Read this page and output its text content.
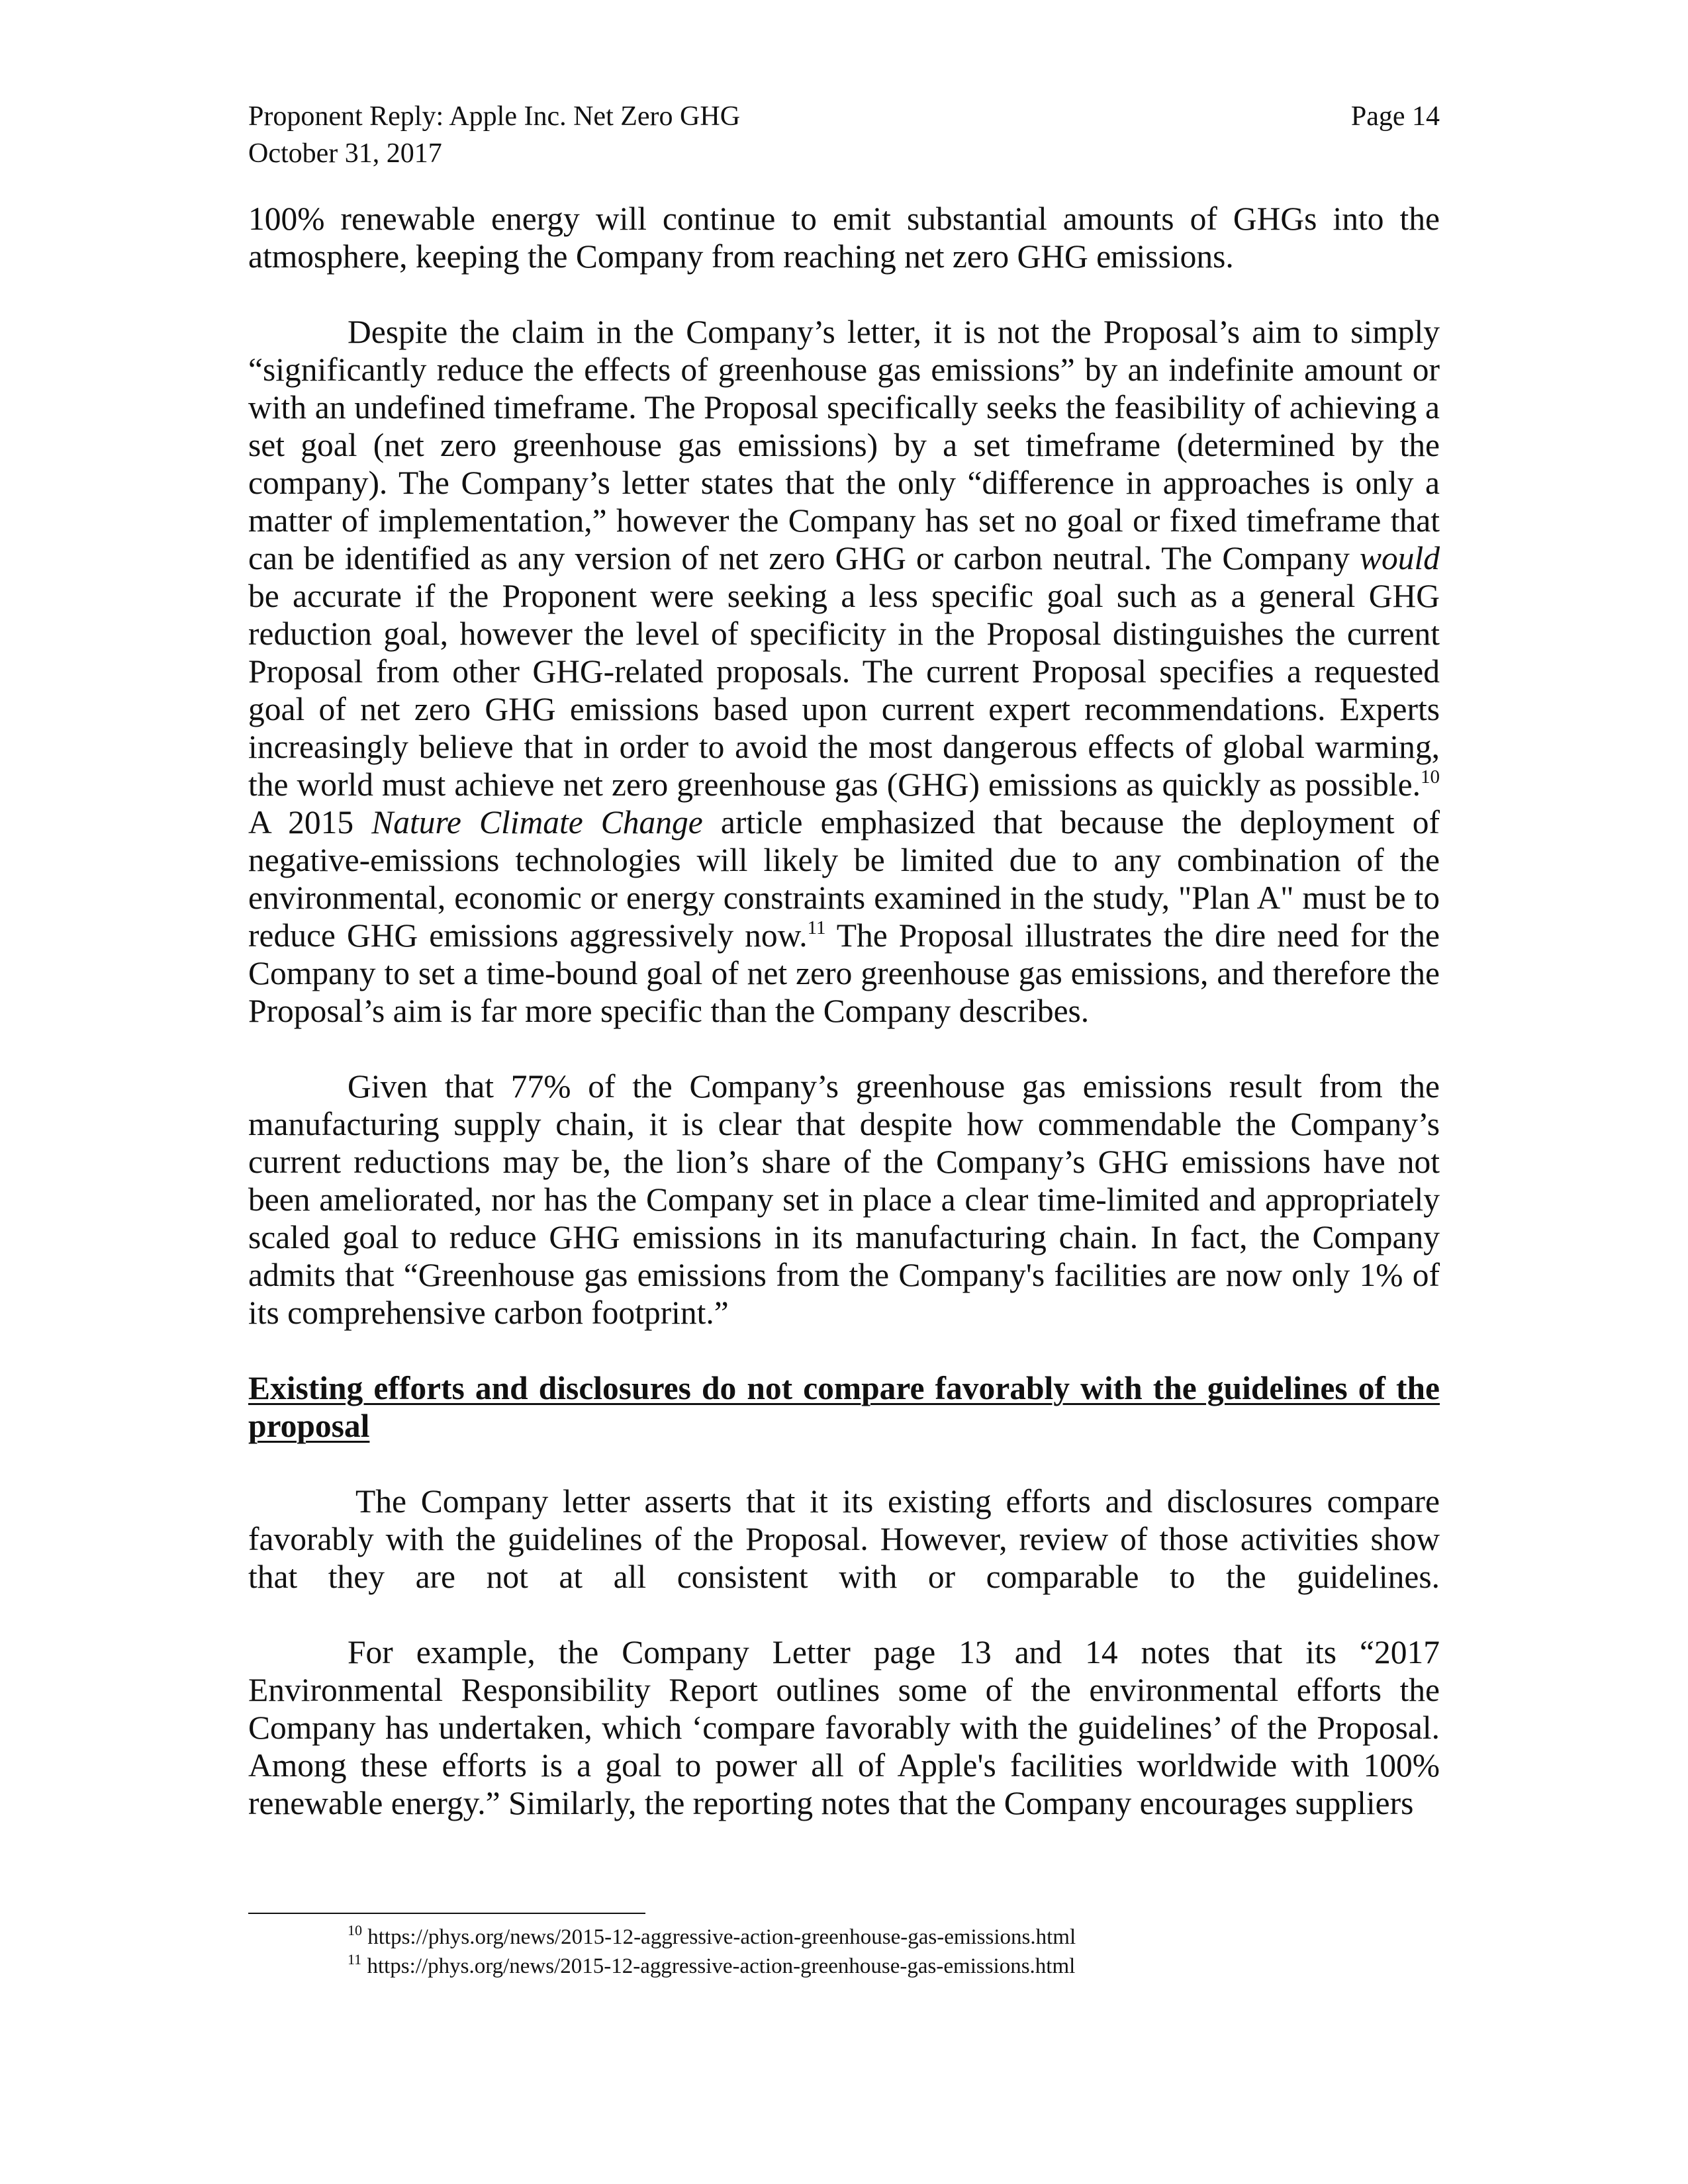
Proponent Reply: Apple Inc. Net Zero GHG	Page 14
October 31, 2017

100% renewable energy will continue to emit substantial amounts of GHGs into the atmosphere, keeping the Company from reaching net zero GHG emissions.

Despite the claim in the Company’s letter, it is not the Proposal’s aim to simply “significantly reduce the effects of greenhouse gas emissions” by an indefinite amount or with an undefined timeframe. The Proposal specifically seeks the feasibility of achieving a set goal (net zero greenhouse gas emissions) by a set timeframe (determined by the company). The Company’s letter states that the only “difference in approaches is only a matter of implementation,” however the Company has set no goal or fixed timeframe that can be identified as any version of net zero GHG or carbon neutral. The Company would be accurate if the Proponent were seeking a less specific goal such as a general GHG reduction goal, however the level of specificity in the Proposal distinguishes the current Proposal from other GHG-related proposals. The current Proposal specifies a requested goal of net zero GHG emissions based upon current expert recommendations. Experts increasingly believe that in order to avoid the most dangerous effects of global warming, the world must achieve net zero greenhouse gas (GHG) emissions as quickly as possible.$^{10}$ A 2015 Nature Climate Change article emphasized that because the deployment of negative-emissions technologies will likely be limited due to any combination of the environmental, economic or energy constraints examined in the study, "Plan A" must be to reduce GHG emissions aggressively now.$^{11}$ The Proposal illustrates the dire need for the Company to set a time-bound goal of net zero greenhouse gas emissions, and therefore the Proposal’s aim is far more specific than the Company describes.

Given that 77% of the Company’s greenhouse gas emissions result from the manufacturing supply chain, it is clear that despite how commendable the Company’s current reductions may be, the lion’s share of the Company’s GHG emissions have not been ameliorated, nor has the Company set in place a clear time-limited and appropriately scaled goal to reduce GHG emissions in its manufacturing chain. In fact, the Company admits that “Greenhouse gas emissions from the Company's facilities are now only 1% of its comprehensive carbon footprint.”

Existing efforts and disclosures do not compare favorably with the guidelines of the proposal

The Company letter asserts that it its existing efforts and disclosures compare favorably with the guidelines of the Proposal. However, review of those activities show that they are not at all consistent with or comparable to the guidelines.

For example, the Company Letter page 13 and 14 notes that its “2017 Environmental Responsibility Report outlines some of the environmental efforts the Company has undertaken, which ‘compare favorably with the guidelines’ of the Proposal. Among these efforts is a goal to power all of Apple's facilities worldwide with 100% renewable energy.” Similarly, the reporting notes that the Company encourages suppliers

$^{10}$ https://phys.org/news/2015-12-aggressive-action-greenhouse-gas-emissions.html
$^{11}$ https://phys.org/news/2015-12-aggressive-action-greenhouse-gas-emissions.html
